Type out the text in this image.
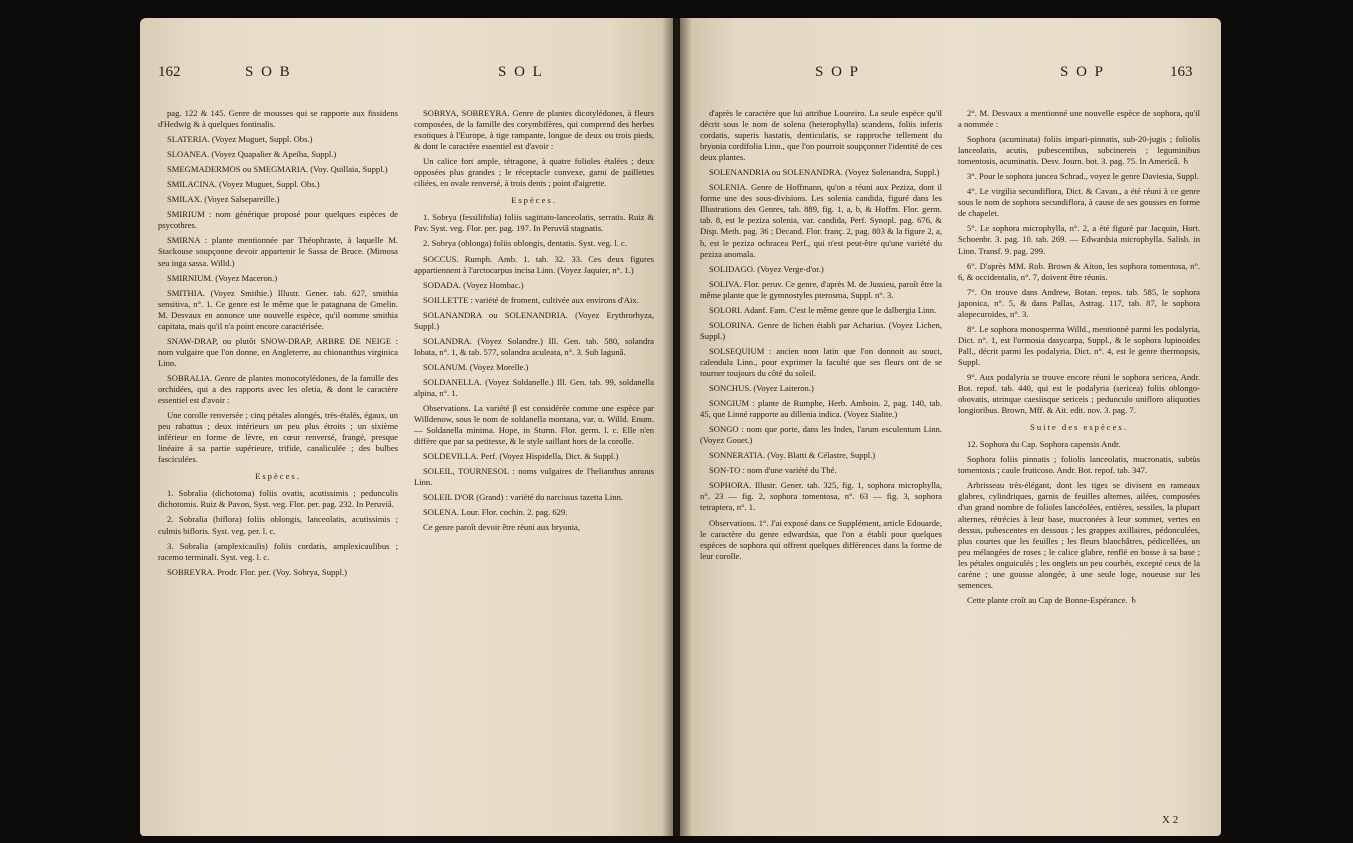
162	S O B	S O L

pag. 122 & 145. Genre de mousses qui se rapporte aux fissidens d'Hedwig & à quelques fontinalis.

SLATERIA. (Voyez Muguet, Suppl. Obs.)

SLOANEA. (Voyez Quapalier & Apeiba, Suppl.)

SMEGMADERMOS ou SMEGMARIA. (Voy. Quillaia, Suppl.)

SMILACINA. (Voyez Muguet, Suppl. Obs.)

SMILAX. (Voyez Salsepareille.)

SMIRIUM : nom générique proposé pour quelques espèces de psycothres.

SMIRNA : plante mentionnée par Théophraste, à laquelle M. Stackouse soupçonne devoir appartenir le Sassa de Bruce. (Mimosa seu inga sassa. Willd.)

SMIRNIUM. (Voyez Maceron.)

SMITHIA. (Voyez Smithie.) Illustr. Gener. tab. 627, smithia sensitiva, n°. 1. Ce genre est le même que le patagnana de Gmelin. M. Desvaux en annonce une nouvelle espèce, qu'il nomme smithia capitata, mais qu'il n'a point encore caractérisée.

SNAW-DRAP, ou plutôt SNOW-DRAP, ARBRE DE NEIGE : nom vulgaire que l'on donne, en Angleterre, au chionanthus virginica Linn.

SOBRALIA. Genre de plantes monocotylédones, de la famille des orchidées, qui a des rapports avec les oletia, & dont le caractère essentiel est d'avoir :

Une corolle renversée ; cinq pétales alongés, très-étalés, égaux, un peu rabattus ; deux intérieurs un peu plus étroits ; un sixième inférieur en forme de lèvre, en cœur renversé, frangé, presque linéaire à sa partie supérieure, trifide, canaliculée ; des bulbes fasciculées.

Espèces.

1. Sobralia (dichotoma) foliis ovatis, acutissimis ; pedunculis dichotomis. Ruiz & Pavon, Syst. veg. Flor. per. pag. 232. In Peruviâ.

2. Sobralia (biflora) foliis oblongis, lanceolatis, acutissimis ; culmis bifloris. Syst. veg. per. l. c.

3. Sobralia (amplexicaulis) foliis cordatis, amplexicaulibus ; racemo terminali. Syst. veg. l. c.

SOBREYRA. Prodr. Flor. per. (Voy. Sobrya, Suppl.)

SOBRYA, SOBREYRA. Genre de plantes dicotylédones, à fleurs composées, de la famille des corymbifères, qui comprend des herbes exotiques à l'Europe, à tige rampante, longue de deux ou trois pieds, & dont le caractère essentiel est d'avoir :

Un calice fort ample, tétragone, à quatre folioles étalées ; deux opposées plus grandes ; le réceptacle convexe, garni de paillettes ciliées, en ovale renversé, à trois dents ; point d'aigrette.

Espèces.

1. Sobrya (fessilifolia) foliis sagittato-lanceolatis, serratis. Ruiz & Pav. Syst. veg. Flor. per. pag. 197. In Peruviâ stagnatis.

2. Sobrya (oblonga) foliis oblongis, dentatis. Syst. veg. l. c.

SOCCUS. Rumph. Amb. 1. tab. 32. 33. Ces deux figures appartiennent à l'arctocarpus incisa Linn. (Voyez Jaquier, n°. 1.)

SODADA. (Voyez Hombac.)

SOILLETTE : variété de froment, cultivée aux environs d'Aix.

SOLANANDRA ou SOLENANDRIA. (Voyez Erythrorhyza, Suppl.)

SOLANDRA. (Voyez Solandre.) Ill. Gen. tab. 580, solandra lobata, n°. 1, & tab. 577, solandra aculeata, n°. 3. Sub lagunâ.

SOLANUM. (Voyez Morelle.)

SOLDANELLA. (Voyez Soldanelle.) Ill. Gen. tab. 99, soldanella alpina, n°. 1.

Observations. La variété β est considérée comme une espèce par Willdenow, sous le nom de soldanella montana, var. α. Willd. Enum. — Soldanella minima. Hope, in Sturm. Flor. germ. l. c. Elle n'en diffère que par sa petitesse, & le style saillant hors de la corolle.

SOLDEVILLA. Perf. (Voyez Hispidella, Dict. & Suppl.)

SOLEIL, TOURNESOL : noms vulgaires de l'helianthus annuus Linn.

SOLEIL D'OR (Grand) : variété du narcissus tazetta Linn.

SOLENA. Lour. Flor. cochin. 2. pag. 629.

Ce genre paroît devoir être réuni aux bryonia,

S O P	S O P	163

d'après le caractère que lui attribue Loureiro. La seule espèce qu'il décrit sous le nom de solena (heterophylla) scandens, foliis inferis cordatis, superis hastatis, denticulatis, se rapproche tellement du bryonia cordifolia Linn., que l'on pourroit soupçonner l'identité de ces deux plantes.

SOLENANDRIA ou SOLENANDRA. (Voyez Solenandra, Suppl.)

SOLENIA. Genre de Hoffmann, qu'on a réuni aux Peziza, dont il forme une des sous-divisions. Les solenia candida, figuré dans les Illustrations des Genres, tab. 889, fig. 1, a, b, & Hoffm. Flor. germ. tab. 8, est le peziza solenia, var. candida, Perf. Synopl. pag. 676, & Disp. Meth. pag. 36 ; Decand. Flor. franç. 2, pag. 803 & la figure 2, a, b, est le peziza ochracea Perf., qui n'est peut-être qu'une variété du peziza anomala.

SOLIDAGO. (Voyez Verge-d'or.)

SOLIVA. Flor. peruv. Ce genre, d'après M. de Jussieu, paroît être la même plante que le gymnostyles pterosma, Suppl. n°. 3.

SOLORI. Adanf. Fam. C'est le même genre que le dalbergia Linn.

SOLORINA. Genre de lichen établi par Acharius. (Voyez Lichen, Suppl.)

SOLSEQUIUM : ancien nom latin que l'on donnoit au souci, calendula Linn., pour exprimer la faculté que ses fleurs ont de se tourner toujours du côté du soleil.

SONCHUS. (Voyez Laiteron.)

SONGIUM : plante de Rumphe, Herb. Amboin. 2, pag. 140, tab. 45, que Linné rapporte au dillenia indica. (Voyez Sialite.)

SONGO : nom que porte, dans les Indes, l'arum esculentum Linn. (Voyez Gouet.)

SONNERATIA. (Voy. Blatti & Célastre, Suppl.)

SON-TO : nom d'une variété du Thé.

SOPHORA. Illustr. Gener. tab. 325, fig. 1, sophora microphylla, n°. 23 — fig. 2, sophora tomentosa, n°. 63 — fig. 3, sophora tetraptera, n°. 1.

Observations. 1°. J'ai exposé dans ce Supplément, article Edouarde, le caractère du genre edwardsia, que l'on a établi pour quelques espèces de sophora qui offrent quelques différences dans la forme de leur corolle.

2°. M. Desvaux a mentionné une nouvelle espèce de sophora, qu'il a nommée :

Sophora (acuminata) foliis impari-pinnatis, sub-20-jugis ; foliolis lanceolatis, acutis, pubescentibus, subcinereis ; leguminibus tomentosis, acuminatis. Desv. Journ. bot. 3. pag. 75. In Americâ. ♄

3°. Pour le sophora juncea Schrad., voyez le genre Daviesia, Suppl.

4°. Le virgilia secundiflora, Dict. & Cavan., a été réuni à ce genre sous le nom de sophora secundiflora, à cause de ses gousses en forme de chapelet.

5°. Le sophora microphylla, n°. 2, a été figuré par Jacquin, Hort. Schoenbr. 3. pag. 10. tab. 269. — Edwardsia microphylla. Salisb. in Linn. Transf. 9. pag. 299.

6°. D'après MM. Rob. Brown & Aiton, les sophora tomentosa, n°. 6, & occidentalis, n°. 7, doivent être réunis.

7°. On trouve dans Andrew, Botan. repos. tab. 585, le sophora japonica, n°. 5, & dans Pallas, Astrag. 117, tab. 87, le sophora alopecuroides, n°. 3.

8°. Le sophora monosperma Willd., mentionné parmi les podalyria, Dict. n°. 1, est l'ormosia dasycarpa, Suppl., & le sophora lupinoides Pall., décrit parmi les podalyria, Dict. n°. 4, est le genre thermopsis, Suppl.

9°. Aux podalyria se trouve encore réuni le sophora sericea, Andr. Bot. repof. tab. 440, qui est le podalyria (sericea) foliis oblongo-obovatis, utrinque caesiisque sericeis ; pedunculo unifloro aliquoties longioribus. Brown, Mff. & Ait. edit. nov. 3. pag. 7.

Suite des espèces.

12. Sophora du Cap. Sophora capensis Andr.

Sophora foliis pinnatis ; foliolis lanceolatis, mucronatis, subtùs tomentosis ; caule fruticoso. Andr. Bot. repof. tab. 347.

Arbrisseau très-élégant, dont les tiges se divisent en rameaux glabres, cylindriques, garnis de feuilles alternes, ailées, composées d'un grand nombre de folioles lancéolées, entières, sessiles, la plupart alternes, rétrécies à leur base, mucronées à leur sommet, vertes en dessus, pubescentes en dessous ; les grappes axillaires, pédonculées, plus courtes que les feuilles ; les fleurs blanchâtres, pédicellées, un peu mélangées de roses ; le calice glabre, renflé en bosse à sa base ; les pétales onguiculés ; les onglets un peu courbés, excepté ceux de la carène ; une gousse alongée, à une seule loge, noueuse sur les semences.

Cette plante croît au Cap de Bonne-Espérance. ♄

X 2
